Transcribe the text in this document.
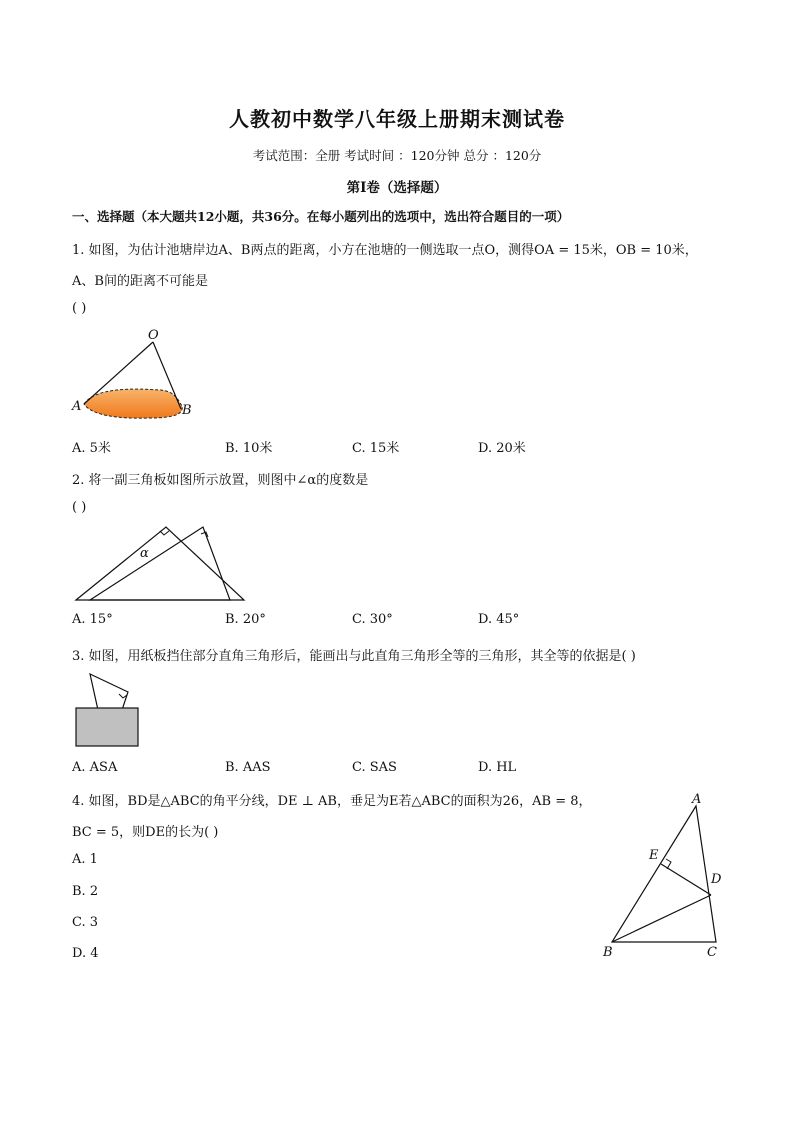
人教初中数学八年级上册期末测试卷
考试范围：全册 考试时间 ：120分钟 总分 ：120分
第I卷（选择题）
一、选择题（本大题共12小题，共36分。在每小题列出的选项中，选出符合题目的一项）
1. 如图，为估计池塘岸边A、B两点的距离，小方在池塘的一侧选取一点O，测得OA = 15米，OB = 10米，
A、B间的距离不可能是
( )
O
A	B
A. 5米	B. 10米	C. 15米	D. 20米
2. 将一副三角板如图所示放置，则图中∠α的度数是
( )
α
A. 15°	B. 20°	C. 30°	D. 45°
3. 如图，用纸板挡住部分直角三角形后，能画出与此直角三角形全等的三角形，其全等的依据是( )
A. ASA	B. AAS	C. SAS	D. HL
4. 如图，BD是△ABC的角平分线，DE ⊥ AB，垂足为E若△ABC的面积为26，AB = 8，
BC = 5，则DE的长为( )
A. 1
B. 2
C. 3
D. 4
A
E
D
B	C
